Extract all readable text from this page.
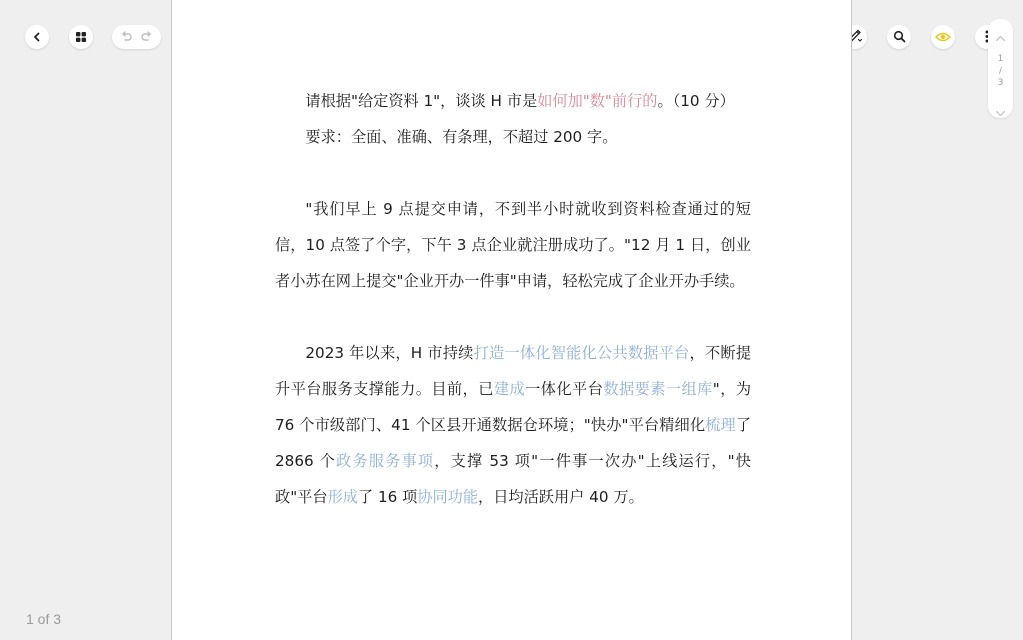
1
/
3
1 of 3

请根据"给定资料 1"，谈谈 H 市是如何加"数"前行的。（10 分）

要求：全面、准确、有条理，不超过 200 字。

"我们早上 9 点提交申请，不到半小时就收到资料检查通过的短信，10 点签了个字，下午 3 点企业就注册成功了。"12 月 1 日，创业者小苏在网上提交"企业开办一件事"申请，轻松完成了企业开办手续。

2023 年以来，H 市持续打造一体化智能化公共数据平台，不断提升平台服务支撑能力。目前，已建成一体化平台数据要素一组库"，为 76 个市级部门、41 个区县开通数据仓环境；"快办"平台精细化梳理了 2866 个政务服务事项，支撑 53 项"一件事一次办"上线运行，"快政"平台形成了 16 项协同功能，日均活跃用户 40 万。
